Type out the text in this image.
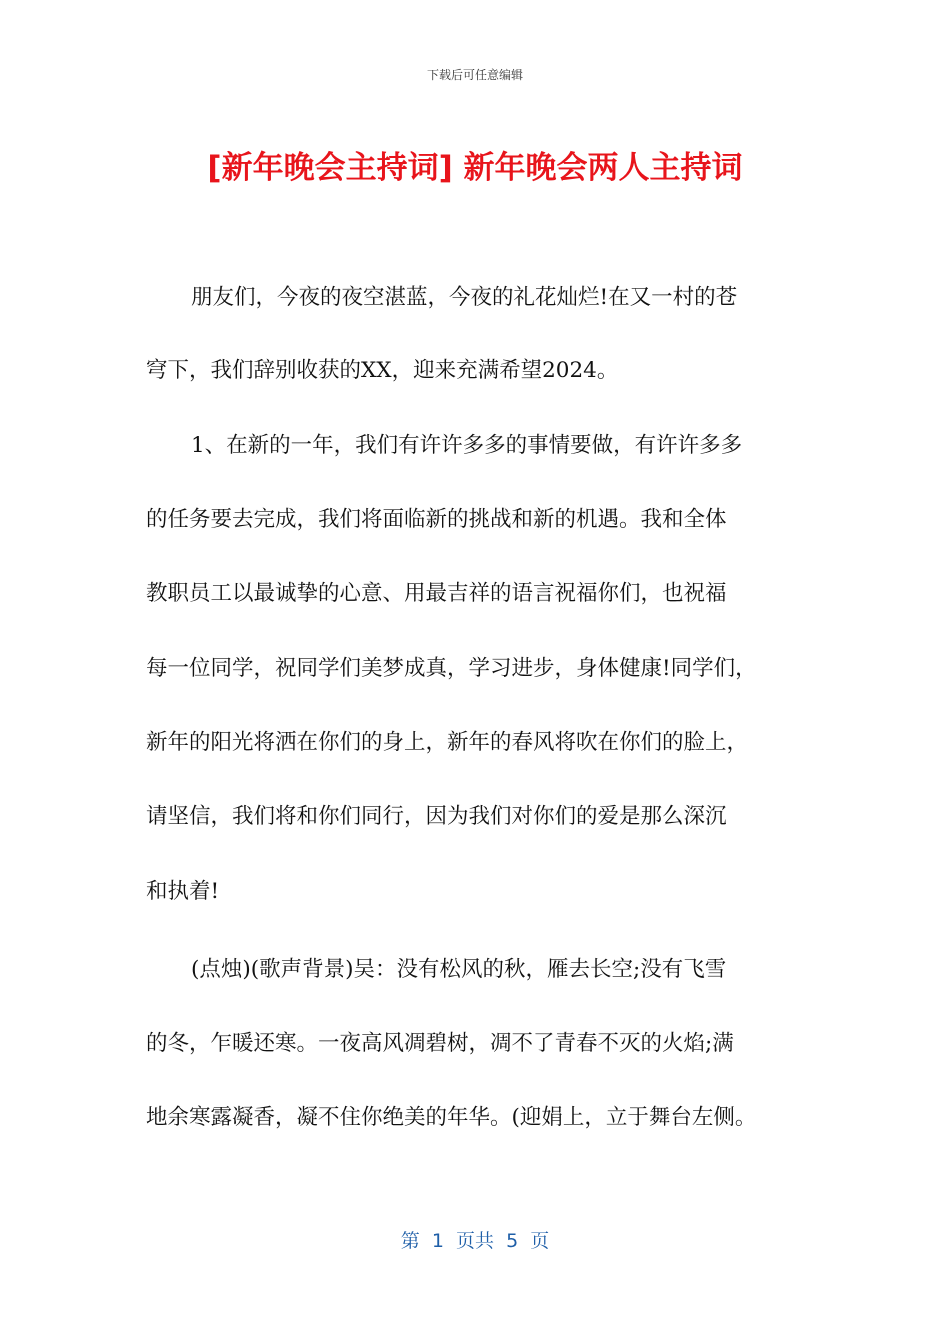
下载后可任意编辑
[新年晚会主持词] 新年晚会两人主持词
朋友们，今夜的夜空湛蓝，今夜的礼花灿烂!在又一村的苍
穹下，我们辞别收获的XX，迎来充满希望2024。
1、在新的一年，我们有许许多多的事情要做，有许许多多
的任务要去完成，我们将面临新的挑战和新的机遇。我和全体
教职员工以最诚挚的心意、用最吉祥的语言祝福你们，也祝福
每一位同学，祝同学们美梦成真，学习进步，身体健康!同学们，
新年的阳光将洒在你们的身上，新年的春风将吹在你们的脸上，
请坚信，我们将和你们同行，因为我们对你们的爱是那么深沉
和执着!
(点烛)(歌声背景)吴：没有松风的秋，雁去长空;没有飞雪
的冬，乍暖还寒。一夜高风凋碧树，凋不了青春不灭的火焰;满
地余寒露凝香，凝不住你绝美的年华。(迎娟上，立于舞台左侧。
第  1  页共  5  页
